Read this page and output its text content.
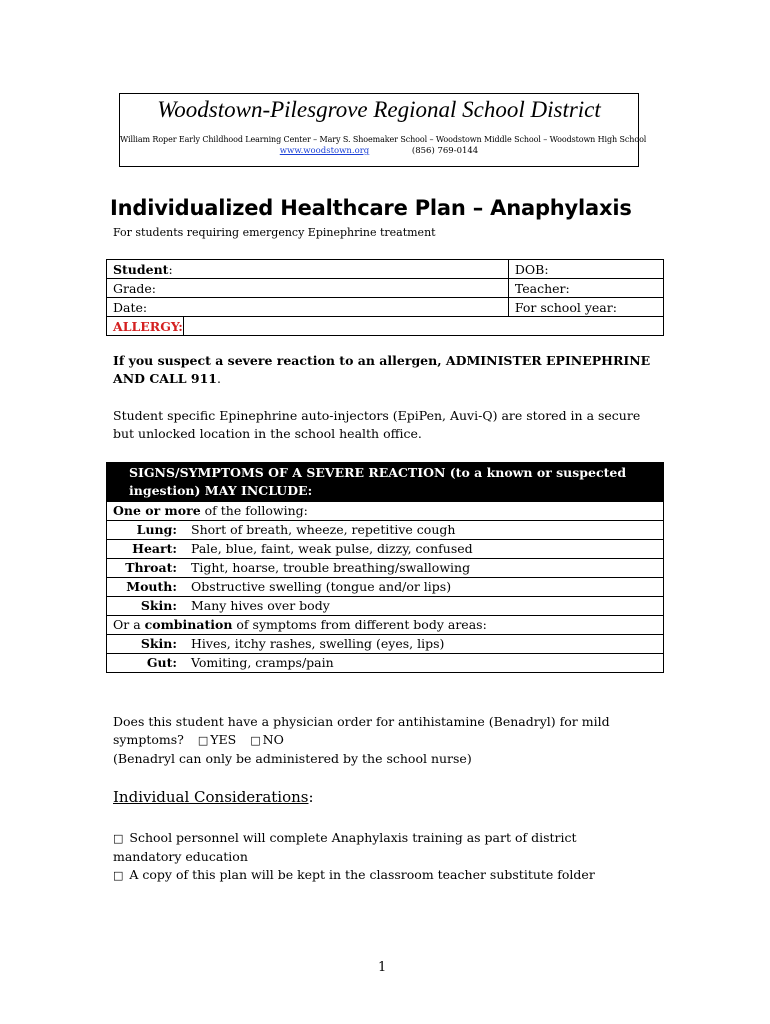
Woodstown-Pilesgrove Regional School District
William Roper Early Childhood Learning Center – Mary S. Shoemaker School – Woodstown Middle School – Woodstown High School
www.woodstown.org	(856) 769-0144
Individualized Healthcare Plan – Anaphylaxis
For students requiring emergency Epinephrine treatment
Student:		DOB:
Grade:		Teacher:
Date:		For school year:
ALLERGY:		
If you suspect a severe reaction to an allergen, ADMINISTER EPINEPHRINE AND CALL 911.
Student specific Epinephrine auto-injectors (EpiPen, Auvi-Q) are stored in a secure but unlocked location in the school health office.
SIGNS/SYMPTOMS OF A SEVERE REACTION (to a known or suspected ingestion) MAY INCLUDE:	
One or more of the following:	
Lung:	Short of breath, wheeze, repetitive cough
Heart:	Pale, blue, faint, weak pulse, dizzy, confused
Throat:	Tight, hoarse, trouble breathing/swallowing
Mouth:	Obstructive swelling (tongue and/or lips)
Skin:	Many hives over body
Or a combination of symptoms from different body areas:	
Skin:	Hives, itchy rashes, swelling (eyes, lips)
Gut:	Vomiting, cramps/pain
Does this student have a physician order for antihistamine (Benadryl) for mild
symptoms? □ YES □ NO
(Benadryl can only be administered by the school nurse)
Individual Considerations:
□ School personnel will complete Anaphylaxis training as part of district mandatory education
□ A copy of this plan will be kept in the classroom teacher substitute folder
1
